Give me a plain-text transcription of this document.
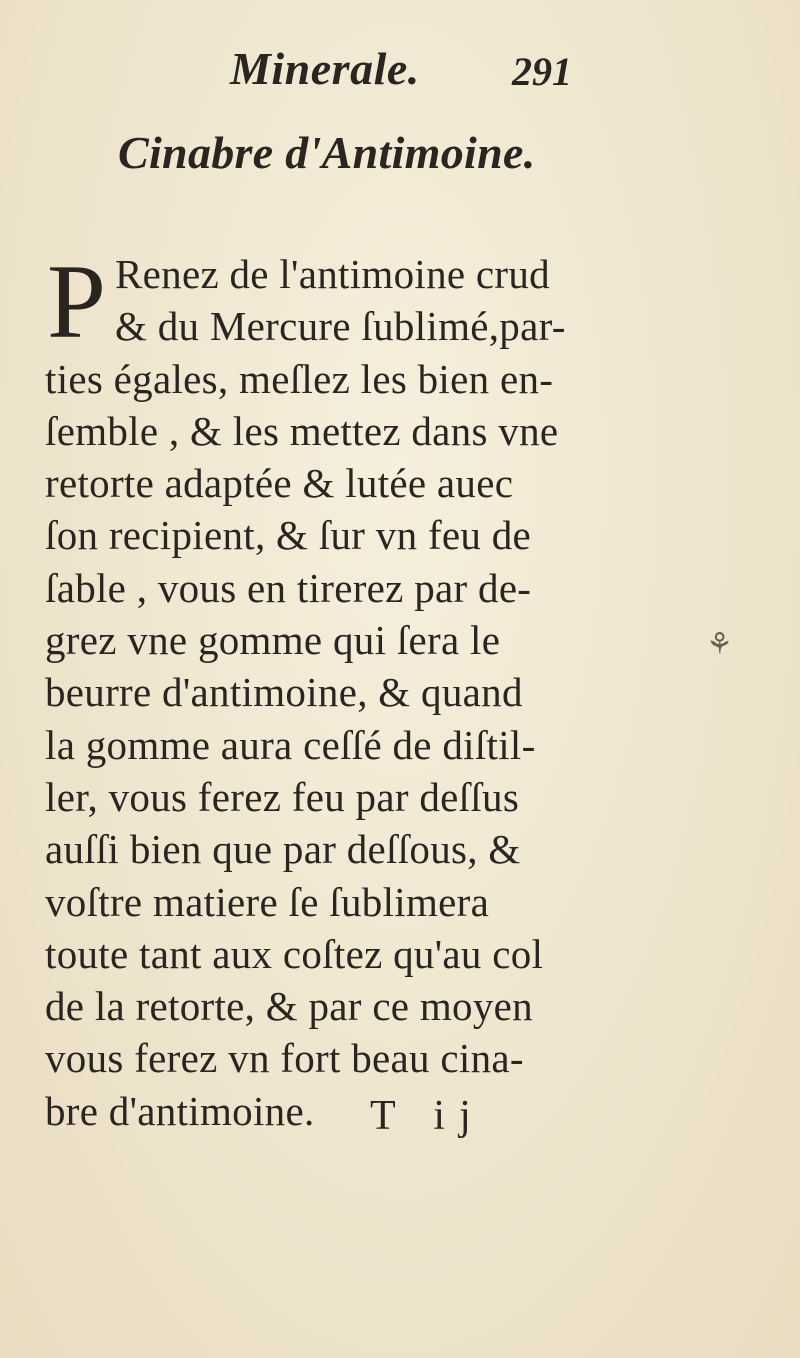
Minerale. 291
Cinabre d'Antimoine.
P Renez de l'antimoine crud
& du Mercure ſublimé,par-
ties égales, meſlez les bien en-
ſemble , & les mettez dans vne
retorte adaptée & lutée auec
ſon recipient, & ſur vn feu de
ſable , vous en tirerez par de-
grez vne gomme qui ſera le
beurre d'antimoine, & quand
la gomme aura ceſſé de diſtil-
ler, vous ferez feu par deſſus
auſſi bien que par deſſous, &
voſtre matiere ſe ſublimera
toute tant aux coſtez qu'au col
de la retorte, & par ce moyen
vous ferez vn fort beau cina-
bre d'antimoine.	T ij
⚘
